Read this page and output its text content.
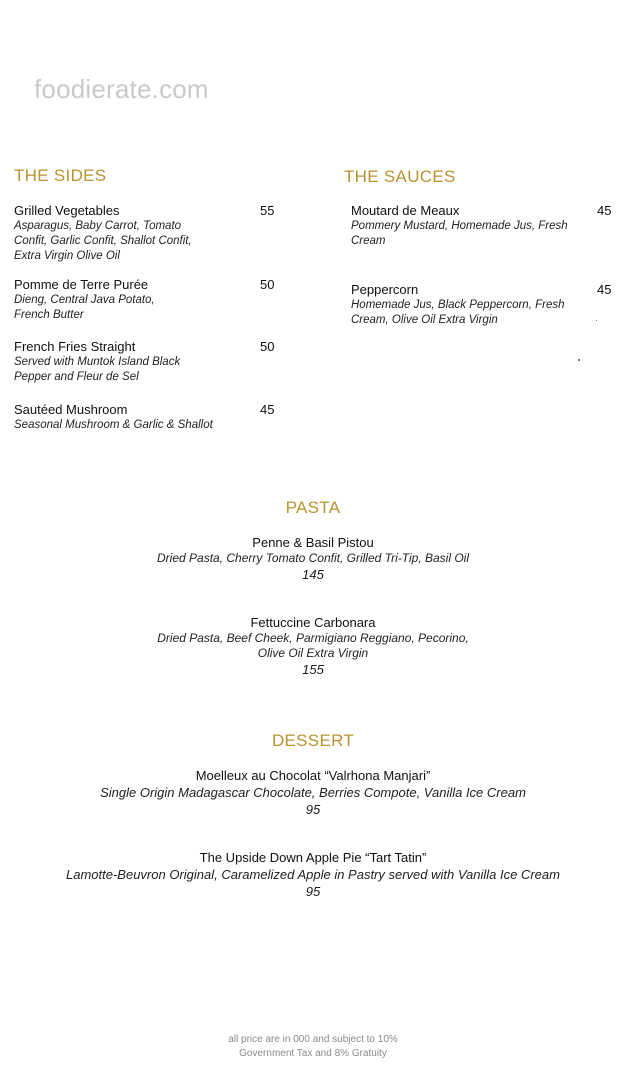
foodierate.com
THE SIDES
Grilled Vegetables
Asparagus, Baby Carrot, Tomato
Confit, Garlic Confit, Shallot Confit,
Extra Virgin Olive Oil
55
Pomme de Terre Purée
Dieng, Central Java Potato,
French Butter
50
French Fries Straight
Served with Muntok Island Black
Pepper and Fleur de Sel
50
Sautéed Mushroom
Seasonal Mushroom & Garlic & Shallot
45
THE SAUCES
Moutard de Meaux
Pommery Mustard, Homemade Jus, Fresh
Cream
45
Peppercorn
Homemade Jus, Black Peppercorn, Fresh
Cream, Olive Oil Extra Virgin
45
PASTA
Penne & Basil Pistou
Dried Pasta, Cherry Tomato Confit, Grilled Tri-Tip, Basil Oil
145
Fettuccine Carbonara
Dried Pasta, Beef Cheek, Parmigiano Reggiano, Pecorino,
Olive Oil Extra Virgin
155
DESSERT
Moelleux au Chocolat “Valrhona Manjari”
Single Origin Madagascar Chocolate, Berries Compote, Vanilla Ice Cream
95
The Upside Down Apple Pie “Tart Tatin”
Lamotte-Beuvron Original, Caramelized Apple in Pastry served with Vanilla Ice Cream
95
all price are in 000 and subject to 10%
Government Tax and 8% Gratuity
